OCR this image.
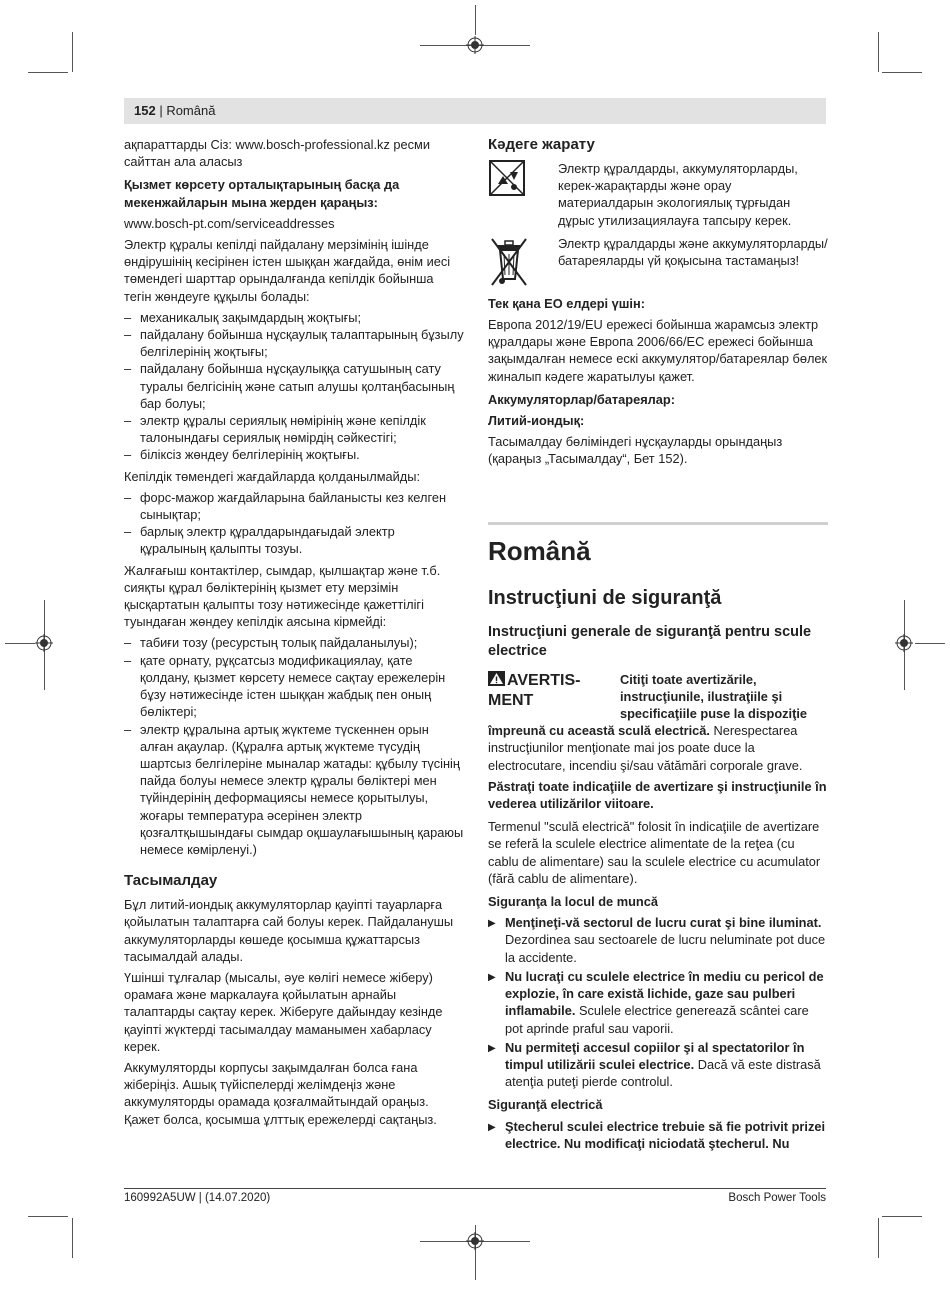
152 | Română

ақпараттарды Сіз: www.bosch-professional.kz ресми сайттан ала аласыз

Қызмет көрсету орталықтарының басқа да мекенжайларын мына жерден қараңыз:

www.bosch-pt.com/serviceaddresses

Электр құралы кепілді пайдалану мерзімінің ішінде өндірушінің кесірінен істен шыққан жағдайда, өнім иесі төмендегі шарттар орындалғанда кепілдік бойынша тегін жөндеуге құқылы болады:

– механикалық зақымдардың жоқтығы;
– пайдалану бойынша нұсқаулық талаптарының бұзылу белгілерінің жоқтығы;
– пайдалану бойынша нұсқаулыққа сатушының сату туралы белгісінің және сатып алушы қолтаңбасының бар болуы;
– электр құралы сериялық нөмірінің және кепілдік талонындағы сериялық нөмірдің сәйкестігі;
– біліксіз жөндеу белгілерінің жоқтығы.

Кепілдік төмендегі жағдайларда қолданылмайды:

– форс-мажор жағдайларына байланысты кез келген сынықтар;
– барлық электр құралдарындағыдай электр құралының қалыпты тозуы.

Жалғағыш контактілер, сымдар, қылшақтар және т.б. сияқты құрал бөліктерінің қызмет ету мерзімін қысқартатын қалыпты тозу нәтижесінде қажеттілігі туындаған жөндеу кепілдік аясына кірмейді:

– табиғи тозу (ресурстың толық пайдаланылуы);
– қате орнату, рұқсатсыз модификациялау, қате қолдану, қызмет көрсету немесе сақтау ережелерін бұзу нәтижесінде істен шыққан жабдық пен оның бөліктері;
– электр құралына артық жүктеме түскеннен орын алған ақаулар. (Құралға артық жүктеме түсудің шартсыз белгілеріне мыналар жатады: құбылу түсінің пайда болуы немесе электр құралы бөліктері мен түйіндерінің деформациясы немесе қорытылуы, жоғары температура әсерінен электр қозғалтқышындағы сымдар оқшаулағышының қараюы немесе көмірленуі.)
Тасымалдау

Бұл литий-иондық аккумуляторлар қауіпті тауарларға қойылатын талаптарға сай болуы керек. Пайдаланушы аккумуляторларды көшеде қосымша құжаттарсыз тасымалдай алады.

Үшінші тұлғалар (мысалы, әуе көлігі немесе жіберу) орамаға және маркалауға қойылатын арнайы талаптарды сақтау керек. Жіберуге дайындау кезінде қауіпті жүктерді тасымалдау маманымен хабарласу керек.

Аккумуляторды корпусы зақымдалған болса ғана жіберіңіз. Ашық түйіспелерді желімдеңіз және аккумуляторды орамада қозғалмайтындай ораңыз. Қажет болса, қосымша ұлттық ережелерді сақтаңыз.

Кәдеге жарату
Электр құралдарды, аккумуляторларды, керек-жарақтарды және орау материалдарын экологиялық тұрғыдан дұрыс утилизациялауға тапсыру керек.
Электр құралдарды және аккумуляторларды/батареяларды үй қоқысына тастамаңыз!

Тек қана ЕО елдері үшін:

Европа 2012/19/EU ережесі бойынша жарамсыз электр құралдары және Европа 2006/66/EC ережесі бойынша зақымдалған немесе ескі аккумулятор/батареялар бөлек жиналып кәдеге жаратылуы қажет.

Аккумуляторлар/батареялар:

Литий-иондық:

Тасымалдау бөліміндегі нұсқауларды орындаңыз (қараңыз „Тасымалдау“, Бет 152).

Română
Instrucţiuni de siguranţă
Instrucţiuni generale de siguranţă pentru scule electrice
AVERTIS-MENT

Citiţi toate avertizările, instrucţiunile, ilustraţiile şi specificaţiile puse la dispoziţie împreună cu această sculă electrică. Nerespectarea instrucţiunilor menţionate mai jos poate duce la electrocutare, incendiu şi/sau vătămări corporale grave.

Păstraţi toate indicaţiile de avertizare şi instrucţiunile în vederea utilizărilor viitoare.

Termenul "sculă electrică" folosit în indicaţiile de avertizare se referă la sculele electrice alimentate de la reţea (cu cablu de alimentare) sau la sculele electrice cu acumulator (fără cablu de alimentare).

Siguranţa la locul de muncă

▶ Menţineţi-vă sectorul de lucru curat şi bine iluminat. Dezordinea sau sectoarele de lucru neluminate pot duce la accidente.
▶ Nu lucraţi cu sculele electrice în mediu cu pericol de explozie, în care există lichide, gaze sau pulberi inflamabile. Sculele electrice generează scântei care pot aprinde praful sau vaporii.
▶ Nu permiteţi accesul copiilor şi al spectatorilor în timpul utilizării sculei electrice. Dacă vă este distrasă atenţia puteţi pierde controlul.

Siguranţă electrică

▶ Ştecherul sculei electrice trebuie să fie potrivit prizei electrice. Nu modificaţi niciodată ştecherul. Nu
160992A5UW | (14.07.2020)	Bosch Power Tools
